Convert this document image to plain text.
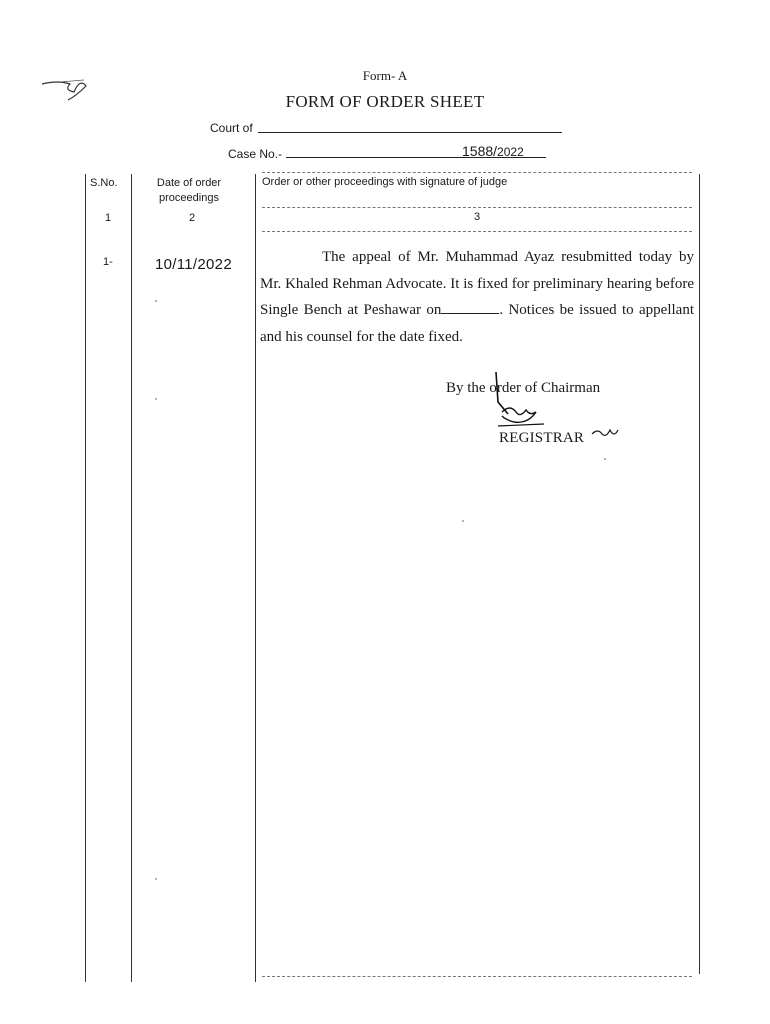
Form- A
FORM OF ORDER SHEET
Court of
Case No.-	1588/2022
S.No.	Date of order proceedings
Order or other proceedings with signature of judge
1	2	3
1-	10/11/2022	The appeal of Mr. Muhammad Ayaz resubmitted today by Mr. Khaled Rehman Advocate. It is fixed for preliminary hearing before Single Bench at Peshawar on	. Notices be issued to appellant and his counsel for the date fixed.
By the order of Chairman
REGISTRAR
